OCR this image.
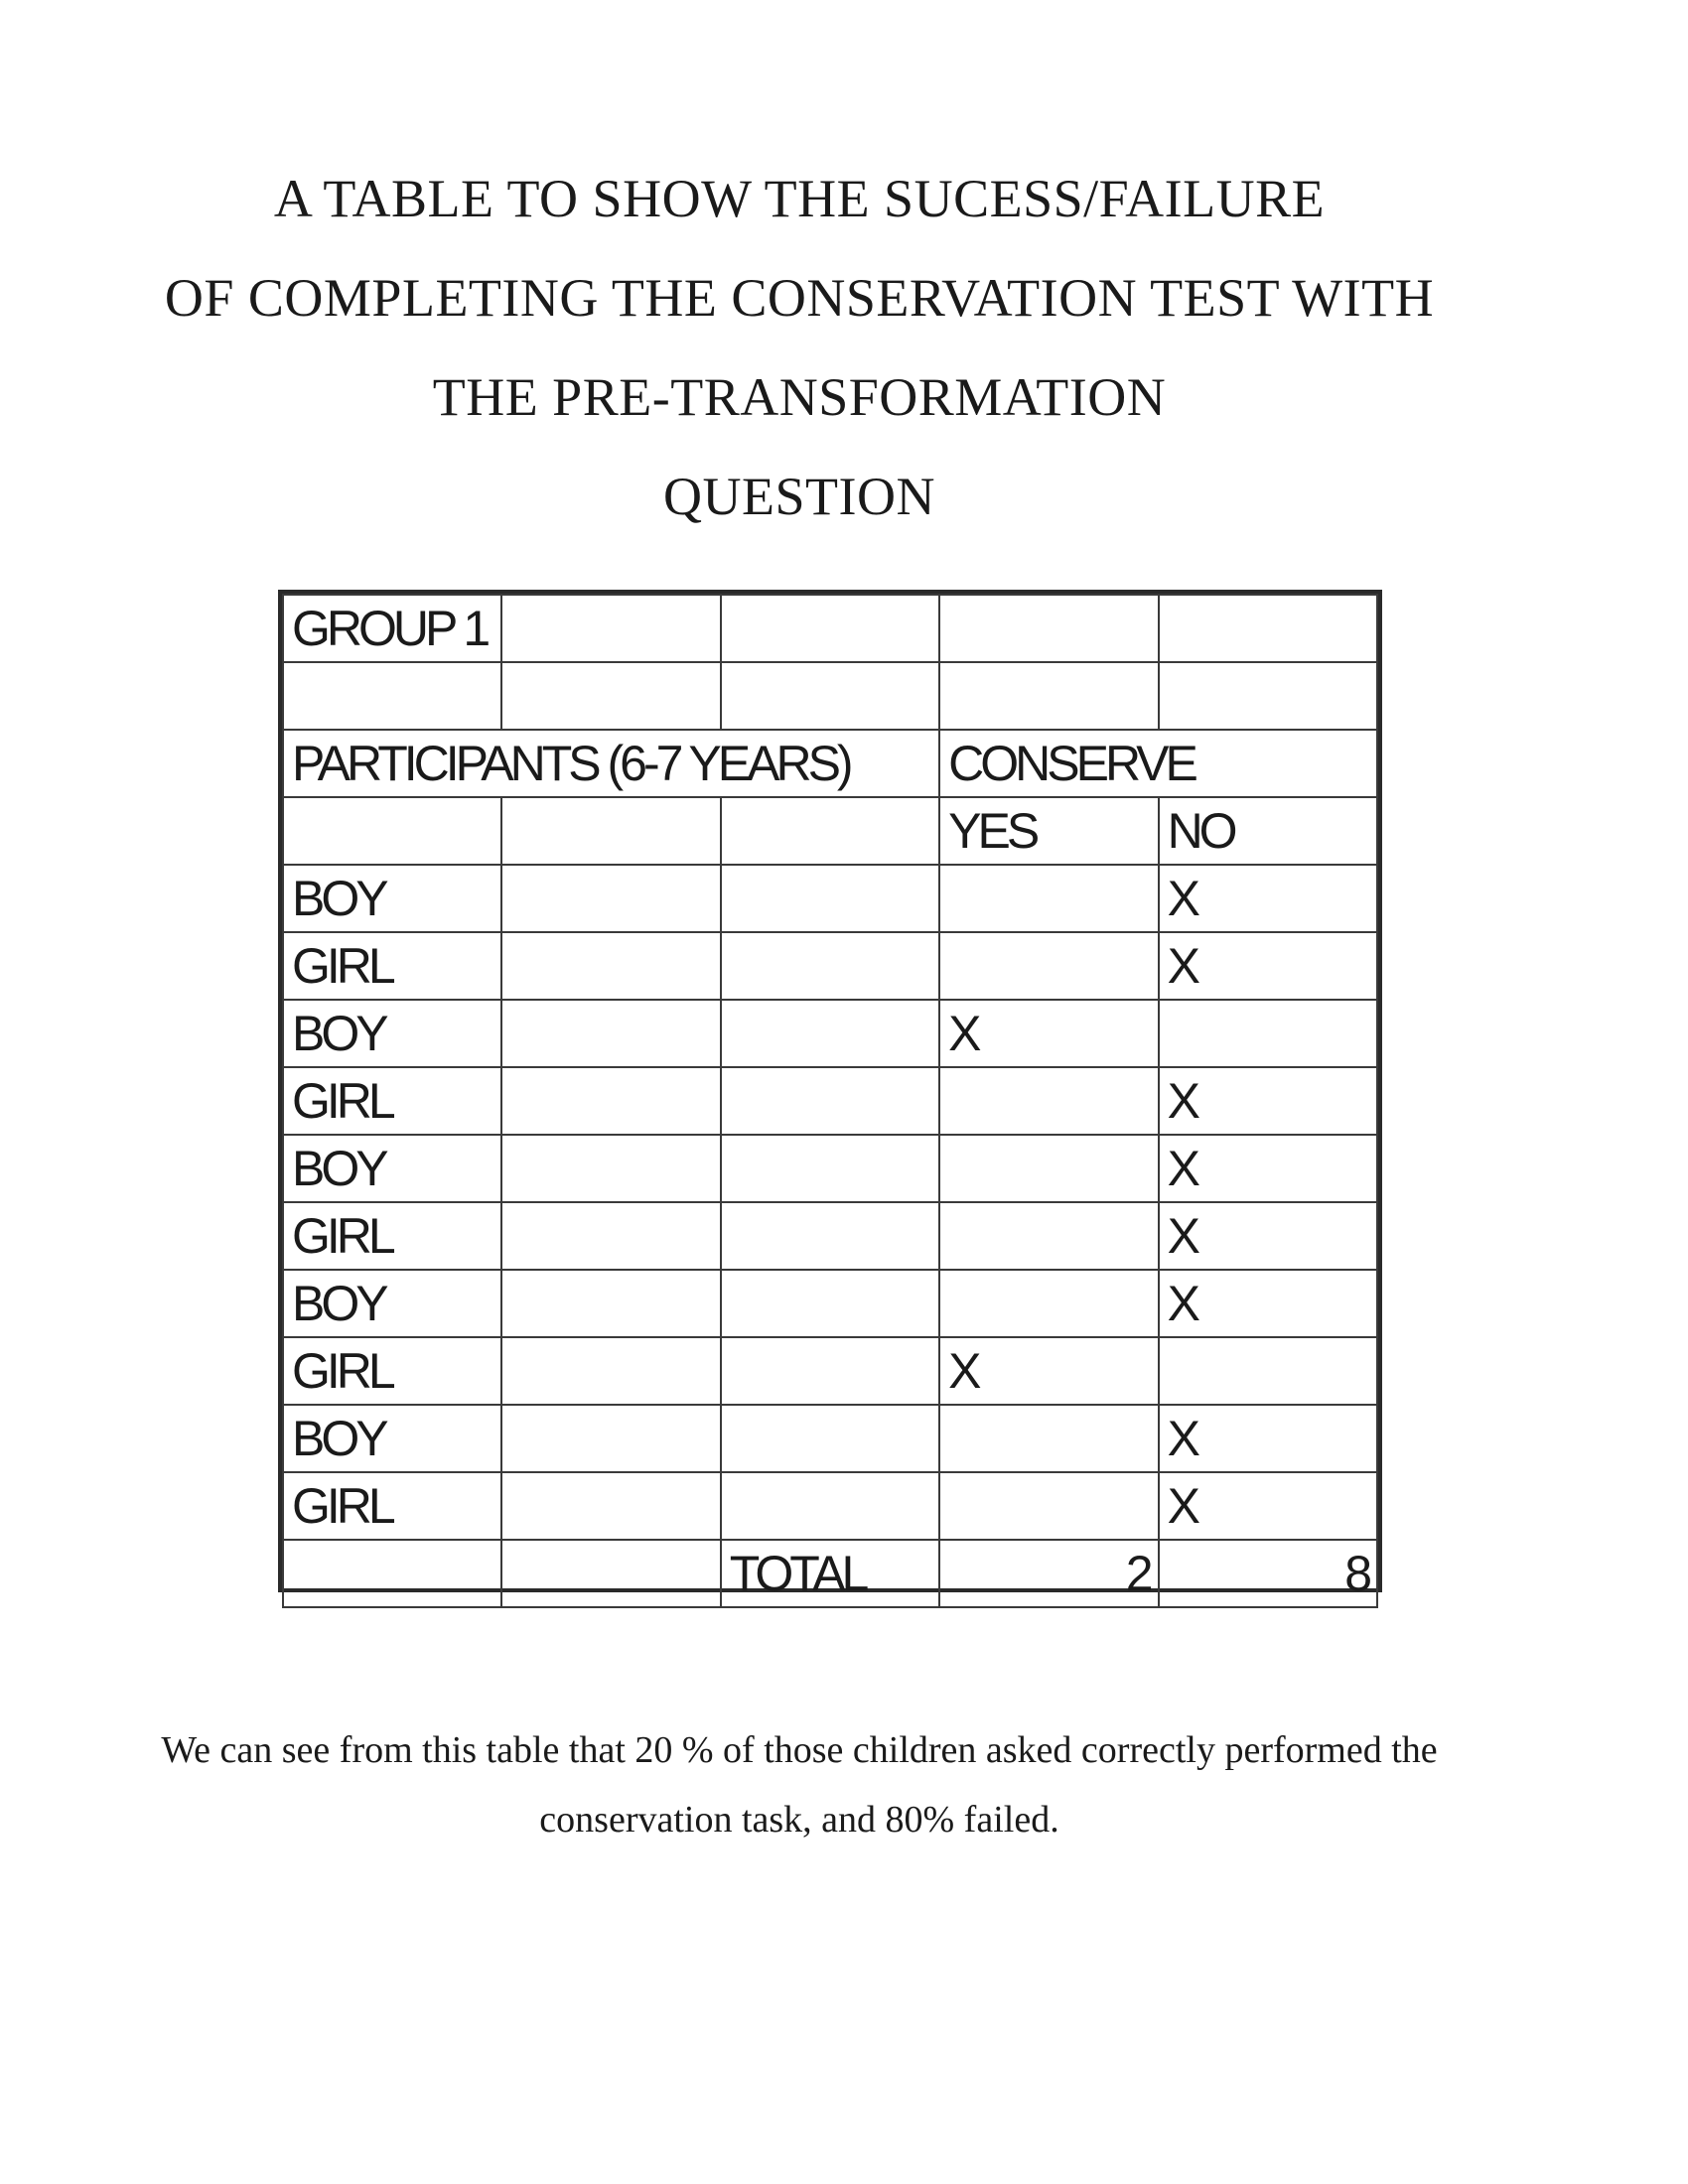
A TABLE TO SHOW THE SUCESS/FAILURE
OF COMPLETING THE CONSERVATION TEST WITH
THE PRE-TRANSFORMATION
QUESTION
GROUP 1				

PARTICIPANTS (6-7 YEARS)			CONSERVE	
			YES	NO
BOY				X
GIRL				X
BOY			X	
GIRL				X
BOY				X
GIRL				X
BOY				X
GIRL			X	
BOY				X
GIRL				X
		TOTAL	2	8
We can see from this table that 20 % of those children asked correctly performed the
conservation task, and 80% failed.
